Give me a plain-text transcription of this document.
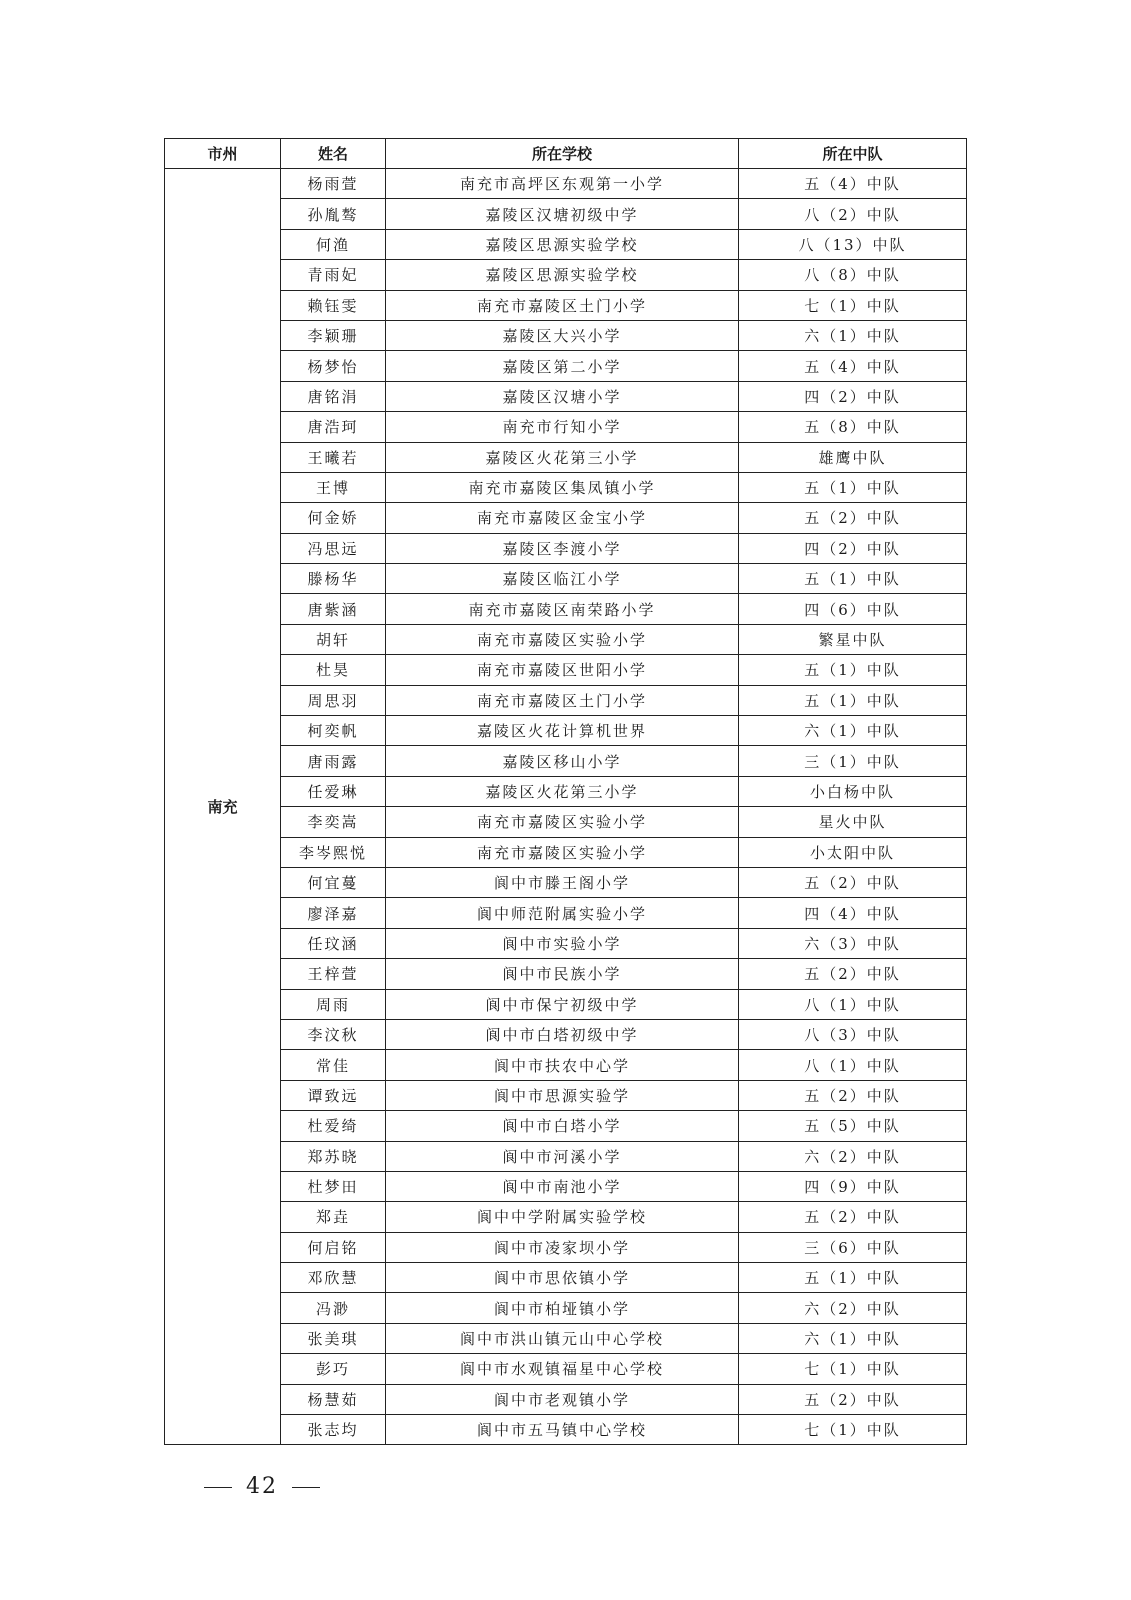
市州	姓名	所在学校	所在中队
南充	杨雨萱	南充市高坪区东观第一小学	五（4）中队
	孙胤骜	嘉陵区汉塘初级中学	八（2）中队
	何渔	嘉陵区思源实验学校	八（13）中队
	青雨妃	嘉陵区思源实验学校	八（8）中队
	赖钰雯	南充市嘉陵区土门小学	七（1）中队
	李颖珊	嘉陵区大兴小学	六（1）中队
	杨梦怡	嘉陵区第二小学	五（4）中队
	唐铭涓	嘉陵区汉塘小学	四（2）中队
	唐浩珂	南充市行知小学	五（8）中队
	王曦若	嘉陵区火花第三小学	雄鹰中队
	王博	南充市嘉陵区集凤镇小学	五（1）中队
	何金娇	南充市嘉陵区金宝小学	五（2）中队
	冯思远	嘉陵区李渡小学	四（2）中队
	滕杨华	嘉陵区临江小学	五（1）中队
	唐紫涵	南充市嘉陵区南荣路小学	四（6）中队
	胡轩	南充市嘉陵区实验小学	繁星中队
	杜昊	南充市嘉陵区世阳小学	五（1）中队
	周思羽	南充市嘉陵区土门小学	五（1）中队
	柯奕帆	嘉陵区火花计算机世界	六（1）中队
	唐雨露	嘉陵区移山小学	三（1）中队
	任爱琳	嘉陵区火花第三小学	小白杨中队
	李奕嵩	南充市嘉陵区实验小学	星火中队
	李岑熙悦	南充市嘉陵区实验小学	小太阳中队
	何宜蔓	阆中市滕王阁小学	五（2）中队
	廖泽嘉	阆中师范附属实验小学	四（4）中队
	任玟涵	阆中市实验小学	六（3）中队
	王梓萱	阆中市民族小学	五（2）中队
	周雨	阆中市保宁初级中学	八（1）中队
	李汶秋	阆中市白塔初级中学	八（3）中队
	常佳	阆中市扶农中心学	八（1）中队
	谭致远	阆中市思源实验学	五（2）中队
	杜爱绮	阆中市白塔小学	五（5）中队
	郑苏晓	阆中市河溪小学	六（2）中队
	杜梦田	阆中市南池小学	四（9）中队
	郑垚	阆中中学附属实验学校	五（2）中队
	何启铭	阆中市凌家坝小学	三（6）中队
	邓欣慧	阆中市思依镇小学	五（1）中队
	冯渺	阆中市柏垭镇小学	六（2）中队
	张美琪	阆中市洪山镇元山中心学校	六（1）中队
	彭巧	阆中市水观镇福星中心学校	七（1）中队
	杨慧茹	阆中市老观镇小学	五（2）中队
	张志均	阆中市五马镇中心学校	七（1）中队
42
